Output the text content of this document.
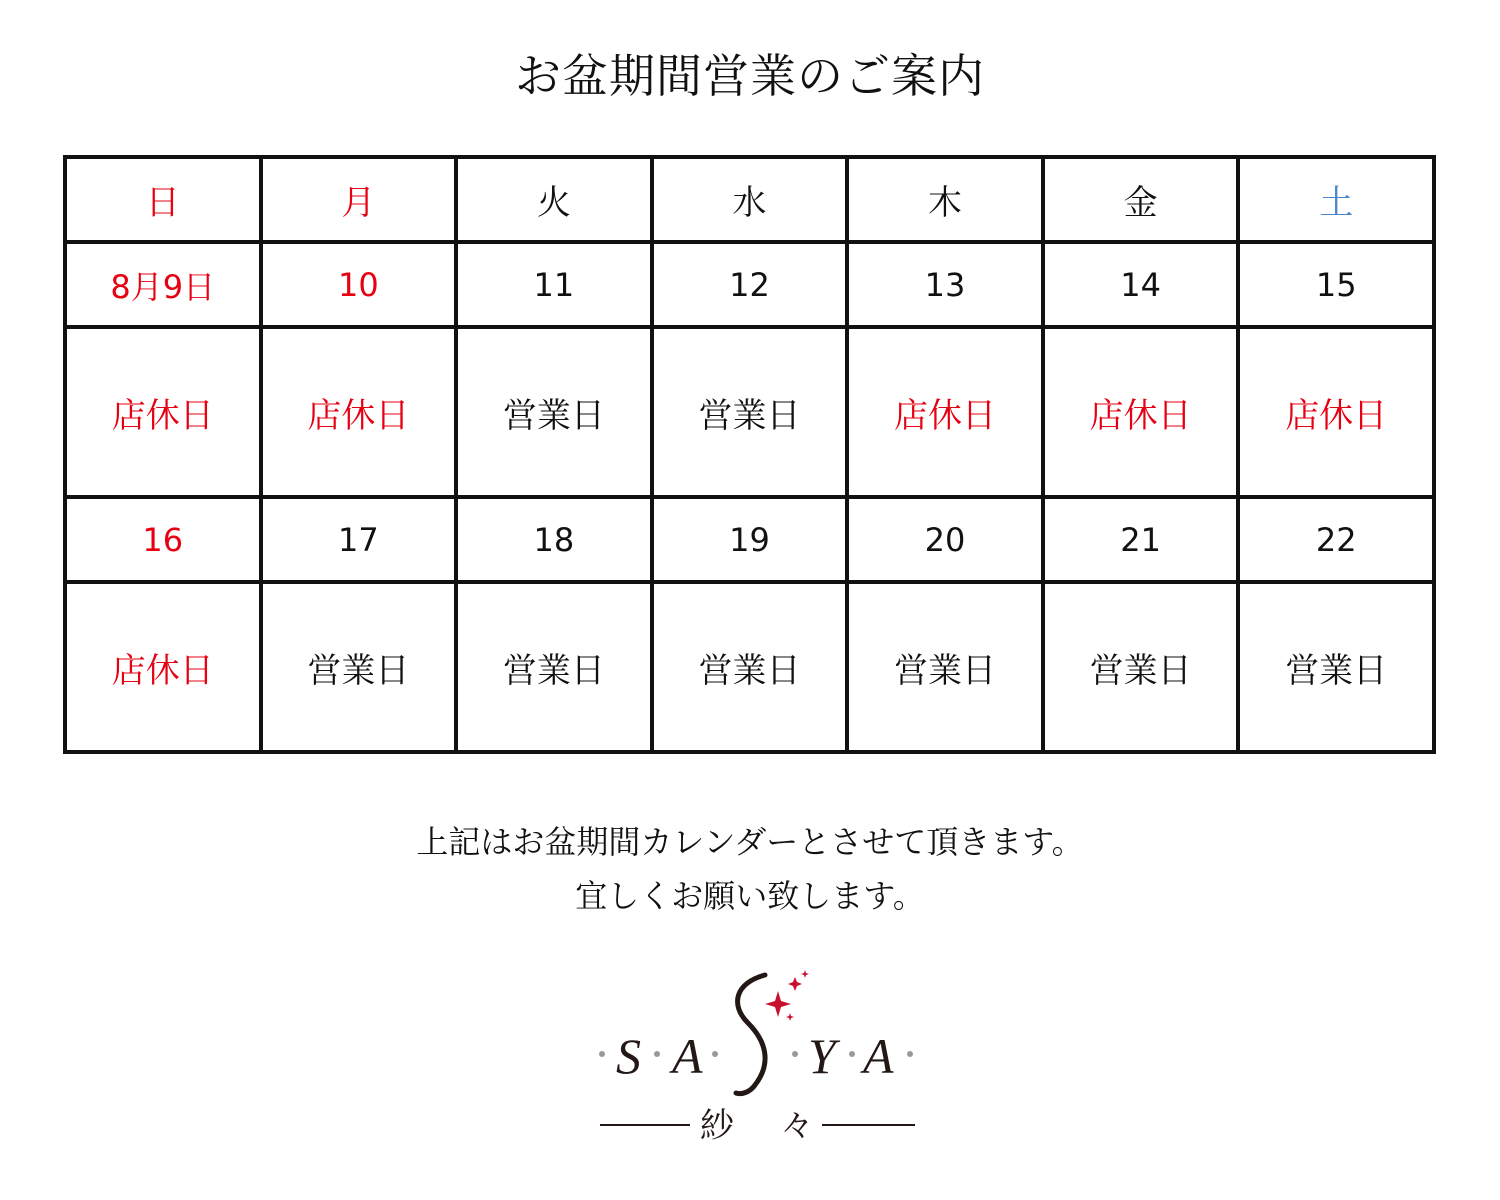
お盆期間営業のご案内
日	月	火	水	木	金	土
8月9日	10	11	12	13	14	15
店休日	店休日	営業日	営業日	店休日	店休日	店休日
16	17	18	19	20	21	22
店休日	営業日	営業日	営業日	営業日	営業日	営業日
上記はお盆期間カレンダーとさせて頂きます。
宜しくお願い致します。
S A Y A
紗 々
